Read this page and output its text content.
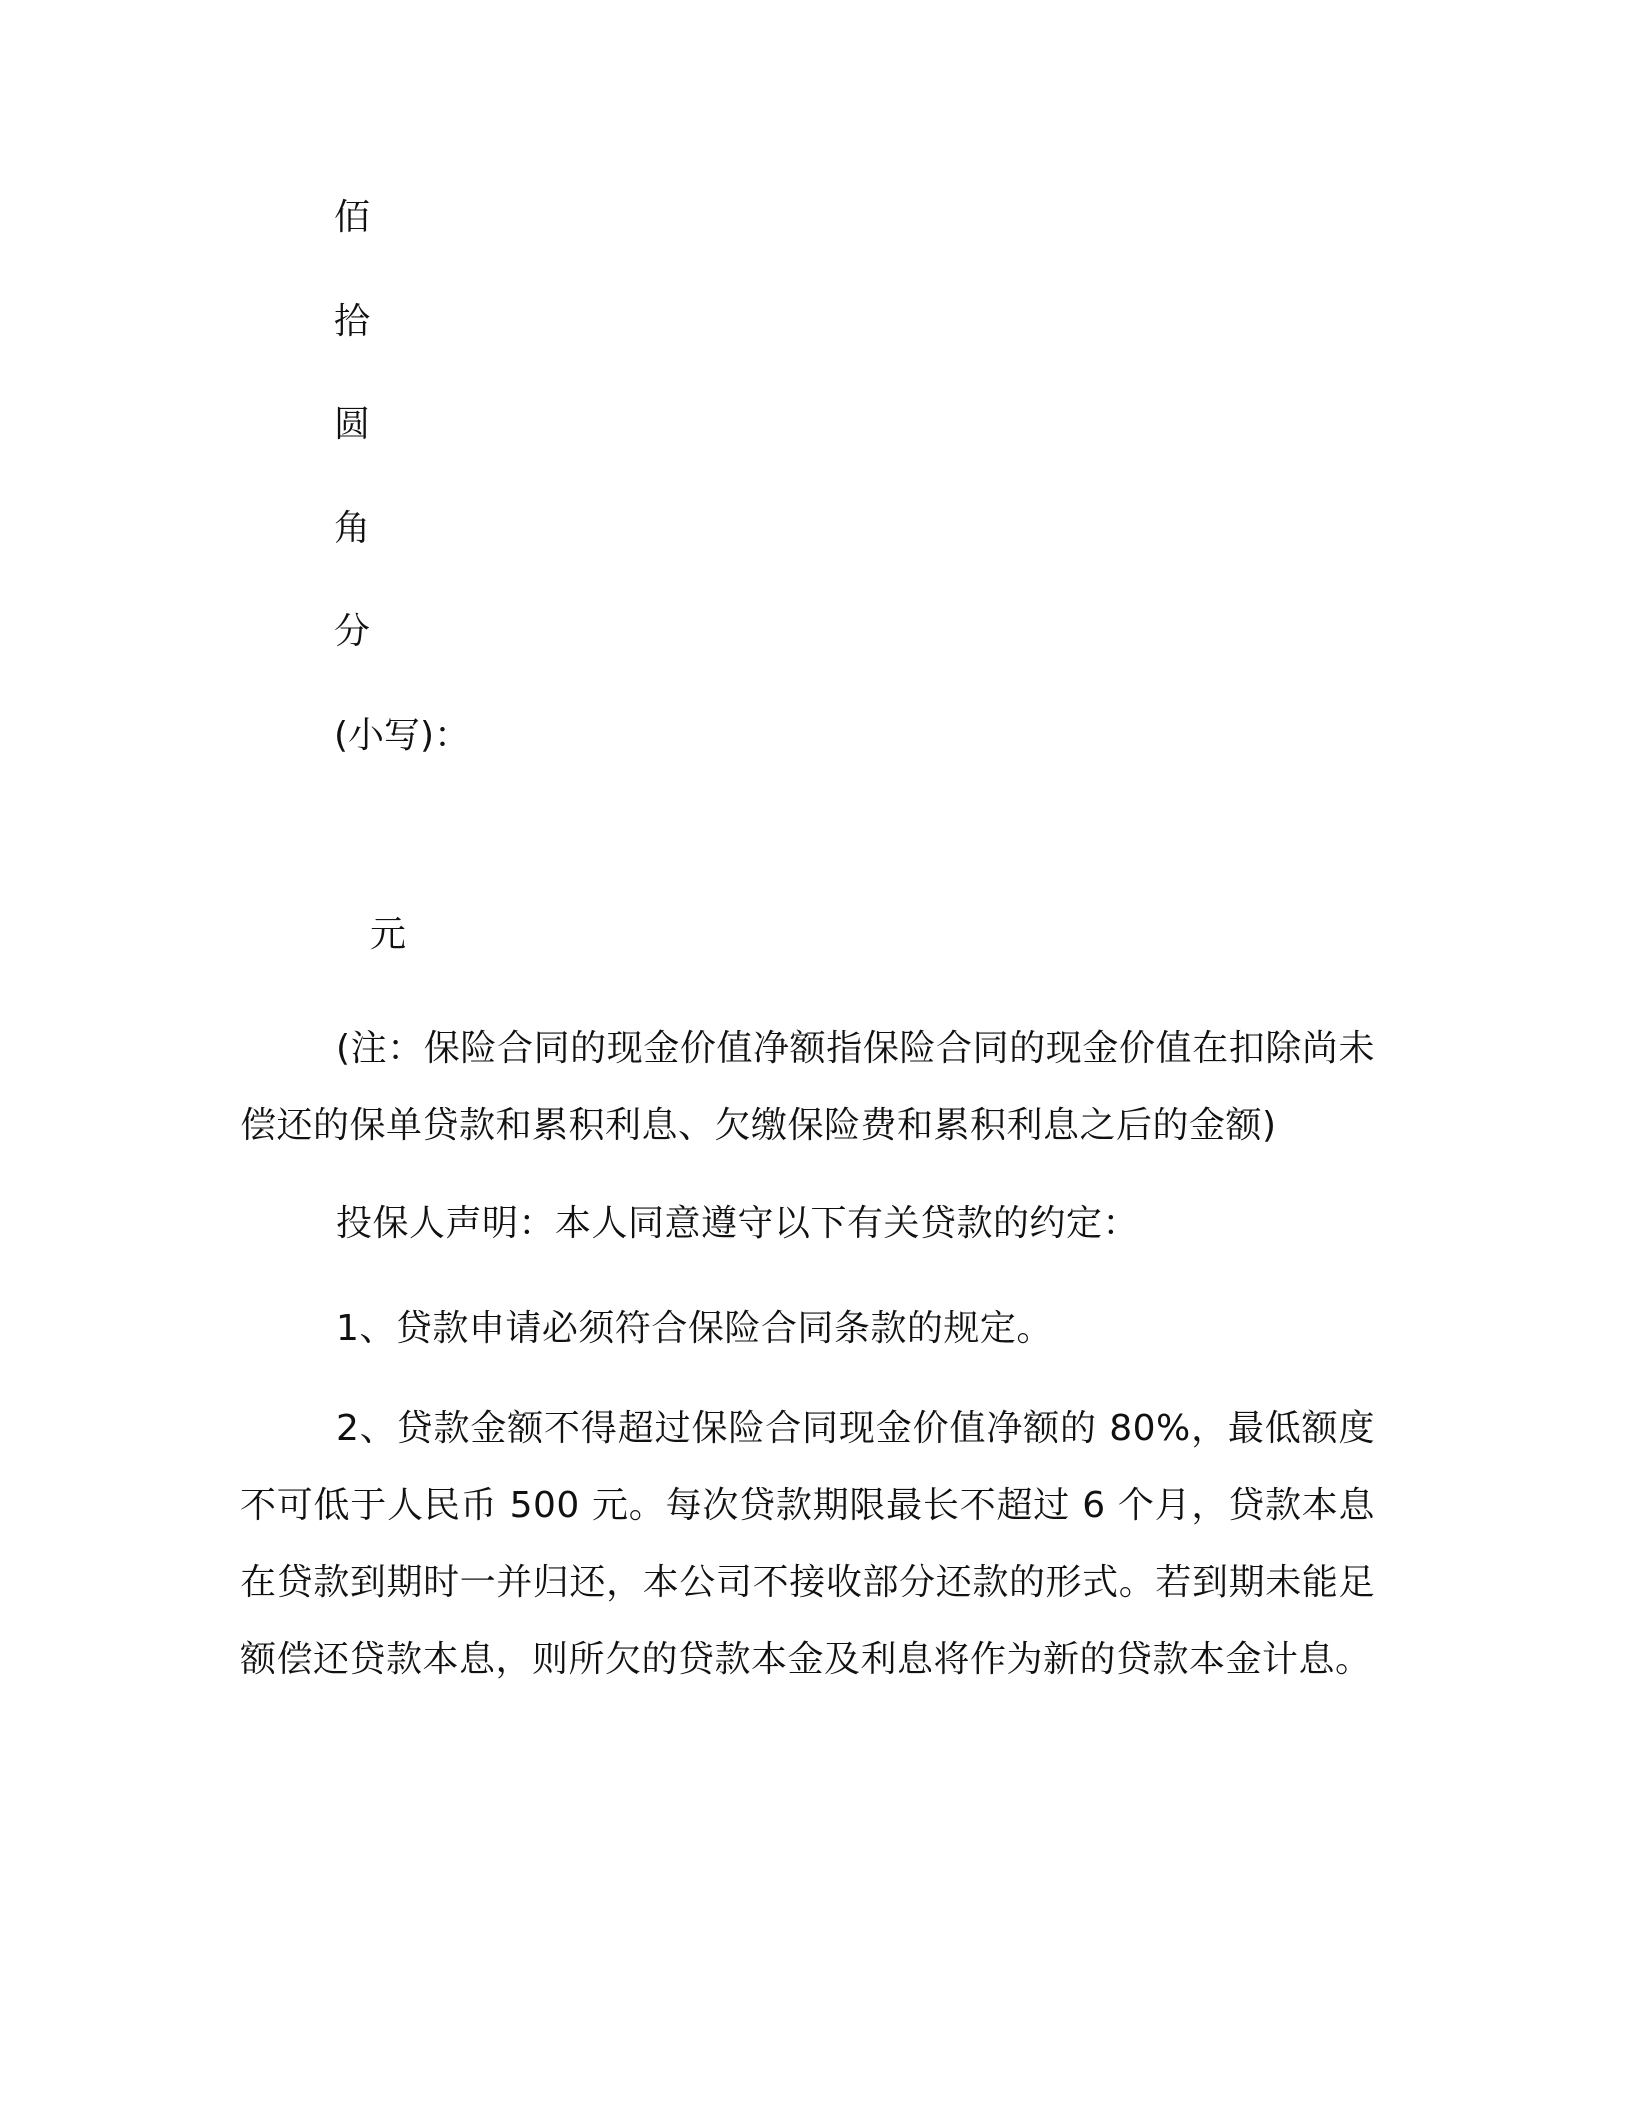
佰
拾
圆
角
分
(小写)：
元
(注：保险合同的现金价值净额指保险合同的现金价值在扣除尚未偿还的保单贷款和累积利息、欠缴保险费和累积利息之后的金额)
投保人声明：本人同意遵守以下有关贷款的约定：
1、贷款申请必须符合保险合同条款的规定。
2、贷款金额不得超过保险合同现金价值净额的 80%，最低额度不可低于人民币 500 元。每次贷款期限最长不超过 6 个月，贷款本息在贷款到期时一并归还，本公司不接收部分还款的形式。若到期未能足额偿还贷款本息，则所欠的贷款本金及利息将作为新的贷款本金计息。
